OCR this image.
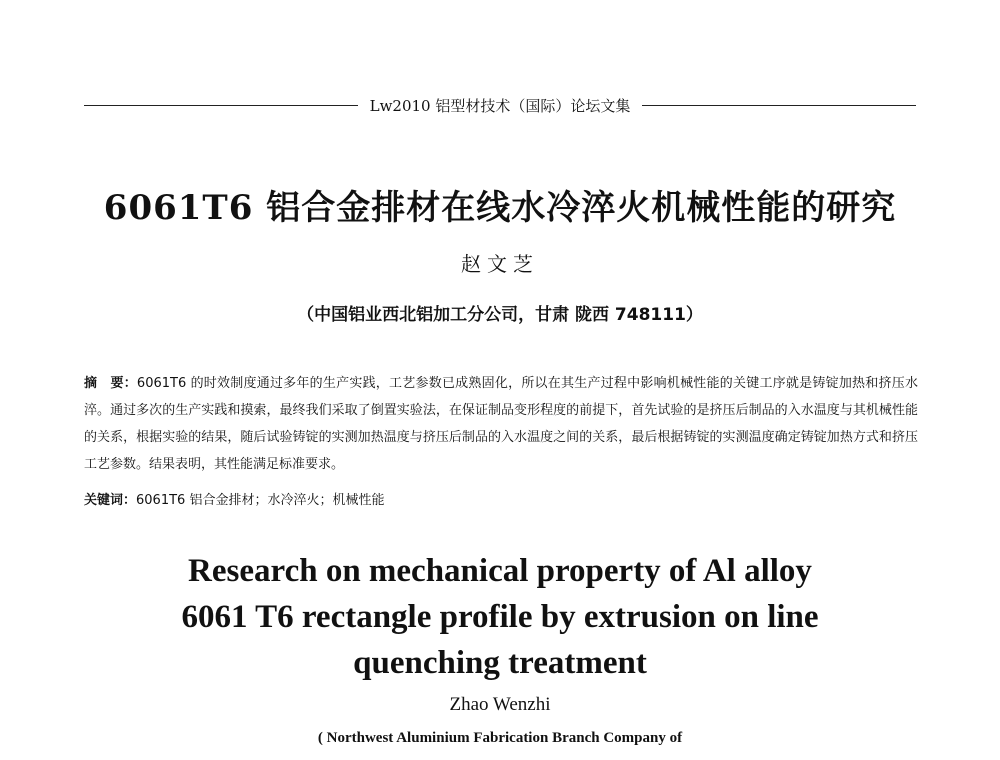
Lw2010 铝型材技术（国际）论坛文集
6061T6 铝合金排材在线水冷淬火机械性能的研究
赵文芝
（中国铝业西北铝加工分公司，甘肃 陇西 748111）
摘　要：6061T6 的时效制度通过多年的生产实践，工艺参数已成熟固化，所以在其生产过程中影响机械性能的关键工序就是铸锭加热和挤压水淬。通过多次的生产实践和摸索，最终我们采取了倒置实验法，在保证制品变形程度的前提下，首先试验的是挤压后制品的入水温度与其机械性能的关系，根据实验的结果，随后试验铸锭的实测加热温度与挤压后制品的入水温度之间的关系，最后根据铸锭的实测温度确定铸锭加热方式和挤压工艺参数。结果表明，其性能满足标准要求。
关键词：6061T6 铝合金排材；水冷淬火；机械性能
Research on mechanical property of Al alloy
6061 T6 rectangle profile by extrusion on line
quenching treatment
Zhao Wenzhi
( Northwest Aluminium Fabrication Branch Company of
